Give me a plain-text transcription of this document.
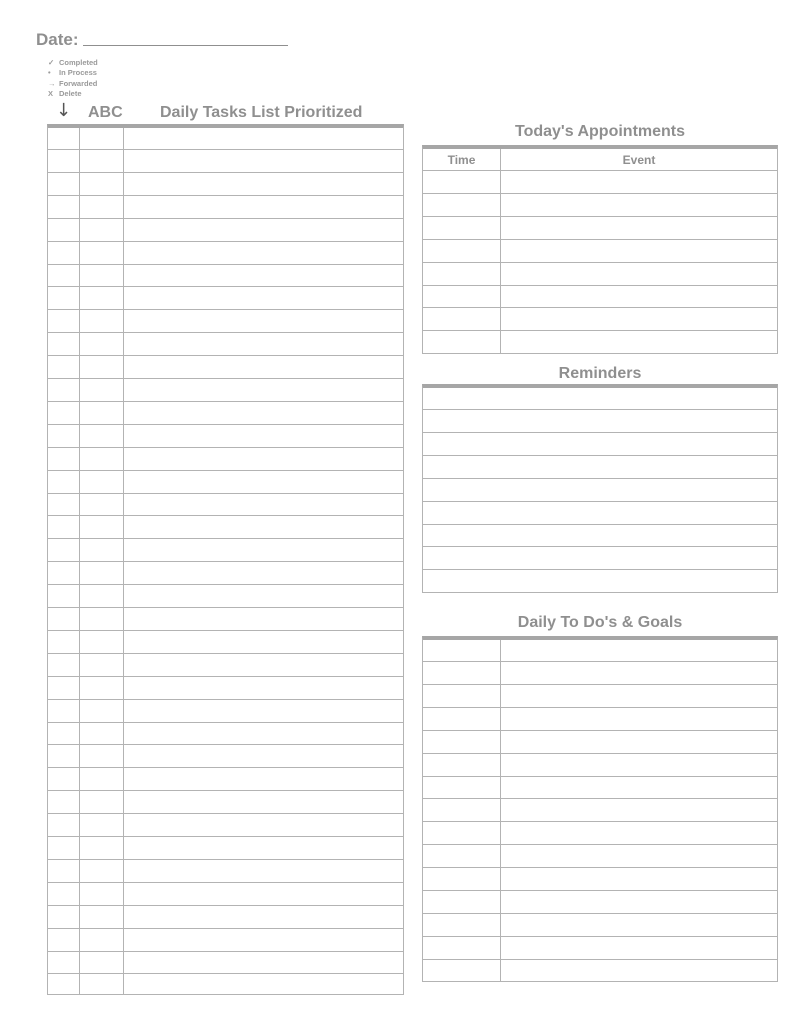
Date:
✓ Completed
•	In Process
→ Forwarded
X Delete
↓ ABC Daily Tasks List Prioritized
Today's Appointments
Time	Event
Reminders
Daily To Do's & Goals
